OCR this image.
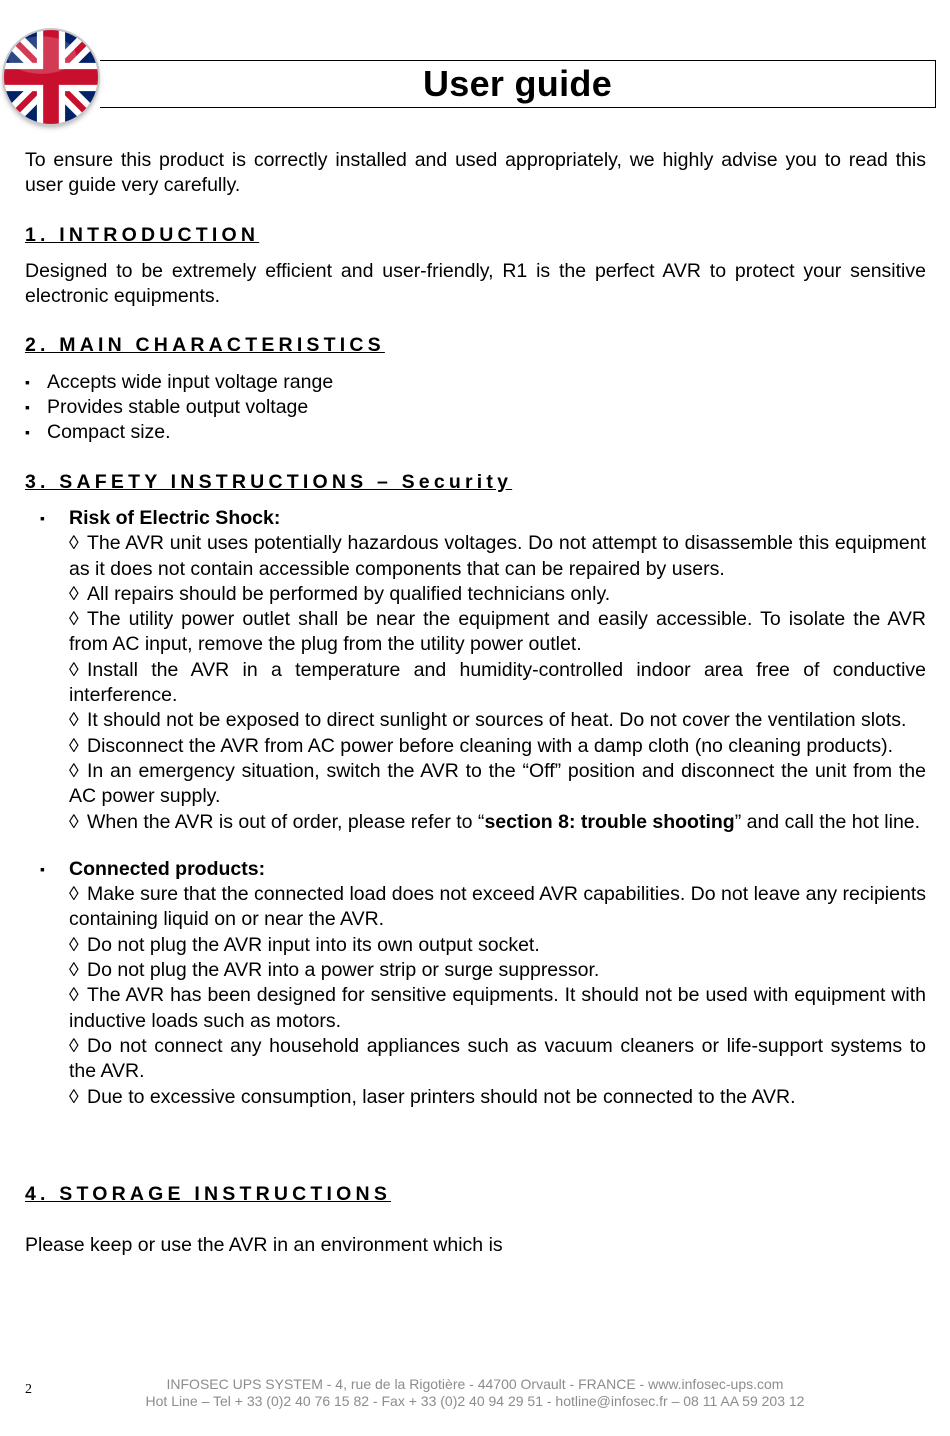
User guide

To ensure this product is correctly installed and used appropriately, we highly advise you to read this user guide very carefully.

1. INTRODUCTION

Designed to be extremely efficient and user-friendly, R1 is the perfect AVR to protect your sensitive electronic equipments.

2. MAIN CHARACTERISTICS
▪ Accepts wide input voltage range
▪ Provides stable output voltage
▪ Compact size.
3. SAFETY INSTRUCTIONS – Security
▪ Risk of Electric Shock:
◊ The AVR unit uses potentially hazardous voltages. Do not attempt to disassemble this equipment as it does not contain accessible components that can be repaired by users.
◊ All repairs should be performed by qualified technicians only.
◊ The utility power outlet shall be near the equipment and easily accessible. To isolate the AVR from AC input, remove the plug from the utility power outlet.
◊ Install the AVR in a temperature and humidity-controlled indoor area free of conductive interference.
◊ It should not be exposed to direct sunlight or sources of heat. Do not cover the ventilation slots.
◊ Disconnect the AVR from AC power before cleaning with a damp cloth (no cleaning products).
◊ In an emergency situation, switch the AVR to the “Off” position and disconnect the unit from the AC power supply.
◊ When the AVR is out of order, please refer to “section 8: trouble shooting” and call the hot line.
▪ Connected products:
◊ Make sure that the connected load does not exceed AVR capabilities. Do not leave any recipients containing liquid on or near the AVR.
◊ Do not plug the AVR input into its own output socket.
◊ Do not plug the AVR into a power strip or surge suppressor.
◊ The AVR has been designed for sensitive equipments. It should not be used with equipment with inductive loads such as motors.
◊ Do not connect any household appliances such as vacuum cleaners or life-support systems to the AVR.
◊ Due to excessive consumption, laser printers should not be connected to the AVR.
4. STORAGE INSTRUCTIONS

Please keep or use the AVR in an environment which is

2	INFOSEC UPS SYSTEM - 4, rue de la Rigotière - 44700 Orvault - FRANCE - www.infosec-ups.com
Hot Line – Tel + 33 (0)2 40 76 15 82 - Fax + 33 (0)2 40 94 29 51 - hotline@infosec.fr – 08 11 AA 59 203 12
